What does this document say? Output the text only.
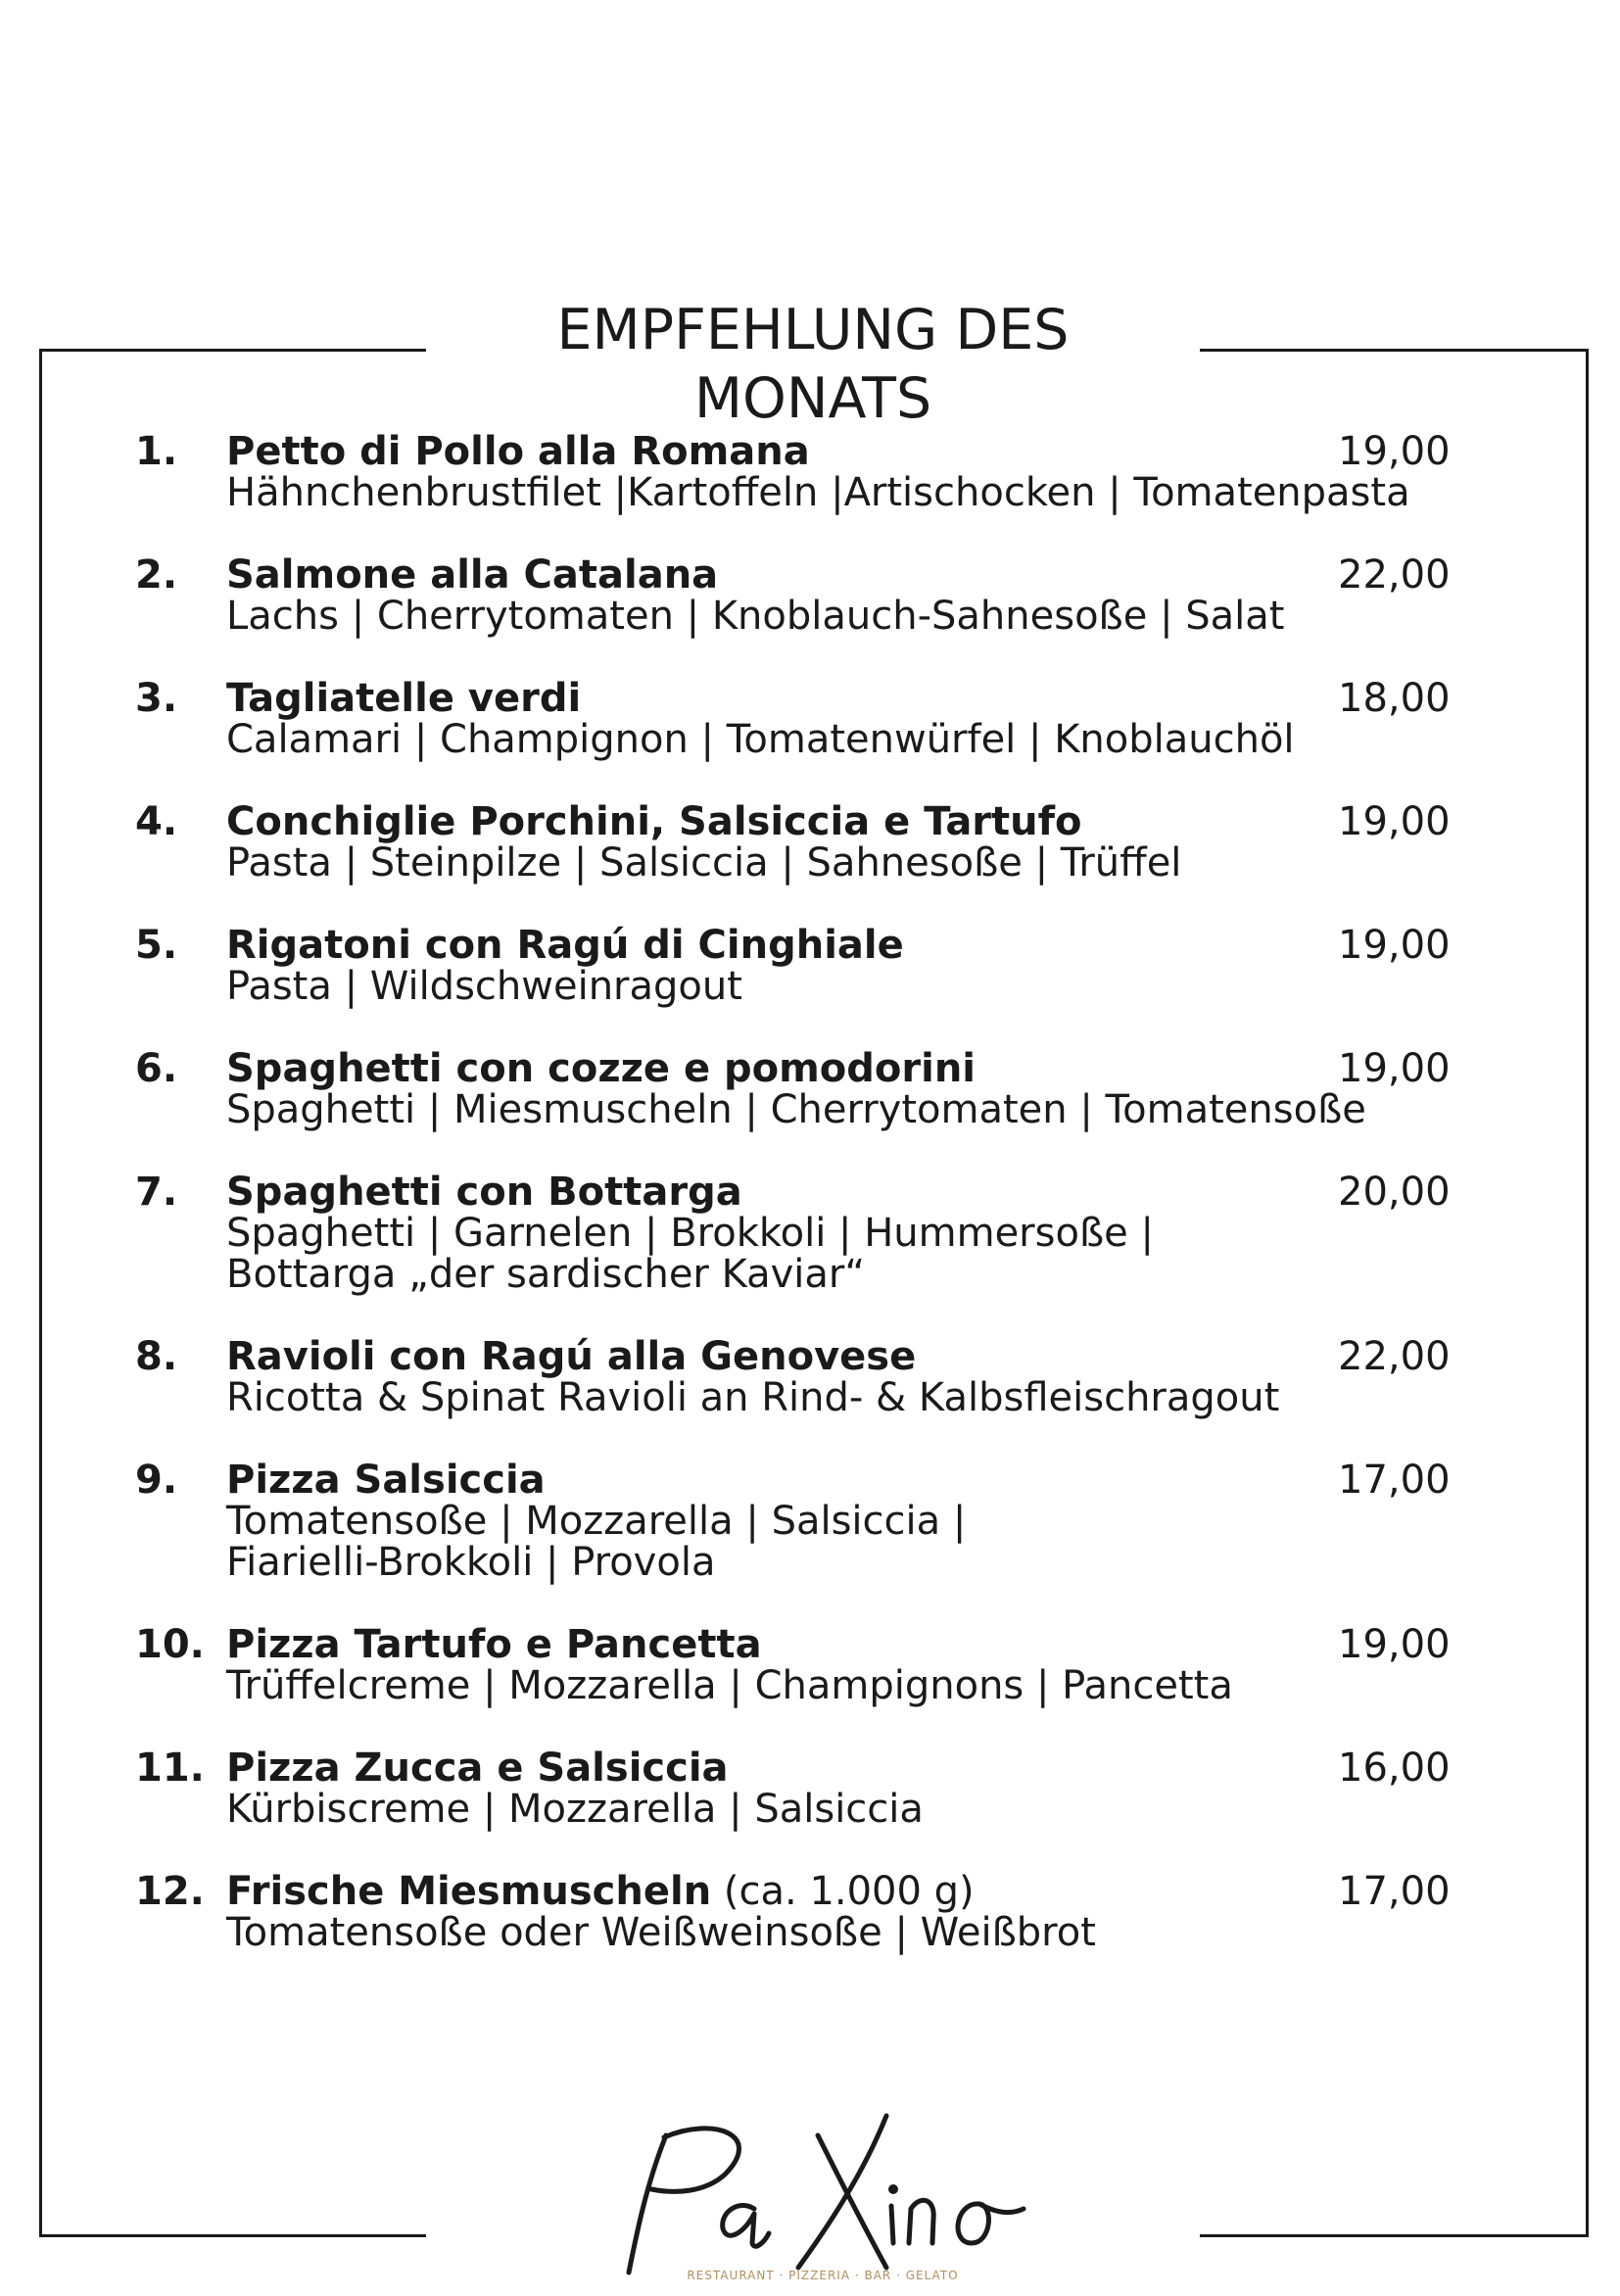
EMPFEHLUNG DES MONATS
1. Petto di Pollo alla Romana	19,00
Hähnchenbrustfilet |Kartoffeln |Artischocken | Tomatenpasta
2. Salmone alla Catalana	22,00
Lachs | Cherrytomaten | Knoblauch-Sahnesoße | Salat
3. Tagliatelle verdi	18,00
Calamari | Champignon | Tomatenwürfel | Knoblauchöl
4. Conchiglie Porchini, Salsiccia e Tartufo	19,00
Pasta | Steinpilze | Salsiccia | Sahnesoße | Trüffel
5. Rigatoni con Ragú di Cinghiale	19,00
Pasta | Wildschweinragout
6. Spaghetti con cozze e pomodorini	19,00
Spaghetti | Miesmuscheln | Cherrytomaten | Tomatensoße
7. Spaghetti con Bottarga	20,00
Spaghetti | Garnelen | Brokkoli | Hummersoße |
Bottarga „der sardischer Kaviar“
8. Ravioli con Ragú alla Genovese	22,00
Ricotta & Spinat Ravioli an Rind- & Kalbsfleischragout
9. Pizza Salsiccia	17,00
Tomatensoße | Mozzarella | Salsiccia |
Fiarielli-Brokkoli | Provola
10. Pizza Tartufo e Pancetta	19,00
Trüffelcreme | Mozzarella | Champignons | Pancetta
11. Pizza Zucca e Salsiccia	16,00
Kürbiscreme | Mozzarella | Salsiccia
12. Frische Miesmuscheln (ca. 1.000 g)	17,00
Tomatensoße oder Weißweinsoße | Weißbrot
RESTAURANT · PIZZERIA · BAR · GELATO
